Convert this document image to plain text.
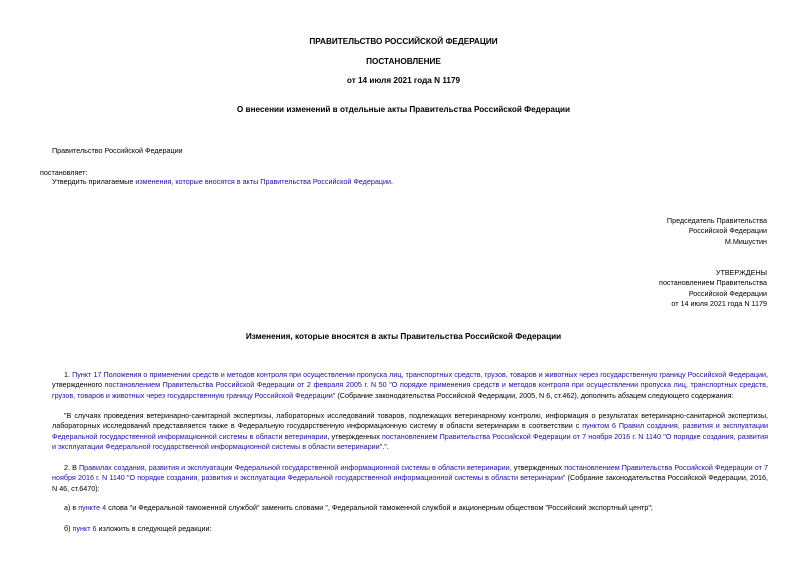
ПРАВИТЕЛЬСТВО РОССИЙСКОЙ ФЕДЕРАЦИИ
ПОСТАНОВЛЕНИЕ
от 14 июля 2021 года N 1179
О внесении изменений в отдельные акты Правительства Российской Федерации
Правительство Российской Федерации
постановляет:
Утвердить прилагаемые изменения, которые вносятся в акты Правительства Российской Федерации.
Председатель Правительства
Российской Федерации
М.Мишустин
УТВЕРЖДЕНЫ
постановлением Правительства
Российской Федерации
от 14 июля 2021 года N 1179
Изменения, которые вносятся в акты Правительства Российской Федерации
1. Пункт 17 Положения о применении средств и методов контроля при осуществлении пропуска лиц, транспортных средств, грузов, товаров и животных через государственную границу Российской Федерации, утвержденного постановлением Правительства Российской Федерации от 2 февраля 2005 г. N 50 "О порядке применения средств и методов контроля при осуществлении пропуска лиц, транспортных средств, грузов, товаров и животных через государственную границу Российской Федерации" (Собрание законодательства Российской Федерации, 2005, N 6, ст.462), дополнить абзацем следующего содержания:
"В случаях проведения ветеринарно-санитарной экспертизы, лабораторных исследований товаров, подлежащих ветеринарному контролю, информация о результатах ветеринарно-санитарной экспертизы, лабораторных исследований представляется также в Федеральную государственную информационную систему в области ветеринарии в соответствии с пунктом 6 Правил создания, развития и эксплуатации Федеральной государственной информационной системы в области ветеринарии, утвержденных постановлением Правительства Российской Федерации от 7 ноября 2016 г. N 1140 "О порядке создания, развития и эксплуатации Федеральной государственной информационной системы в области ветеринарии".".
2. В Правилах создания, развития и эксплуатации Федеральной государственной информационной системы в области ветеринарии, утвержденных постановлением Правительства Российской Федерации от 7 ноября 2016 г. N 1140 "О порядке создания, развития и эксплуатации Федеральной государственной информационной системы в области ветеринарии" (Собрание законодательства Российской Федерации, 2016, N 46, ст.6470):
а) в пункте 4 слова "и Федеральной таможенной службой" заменить словами ", Федеральной таможенной службой и акционерным обществом "Российский экспортный центр";
б) пункт 6 изложить в следующей редакции:
